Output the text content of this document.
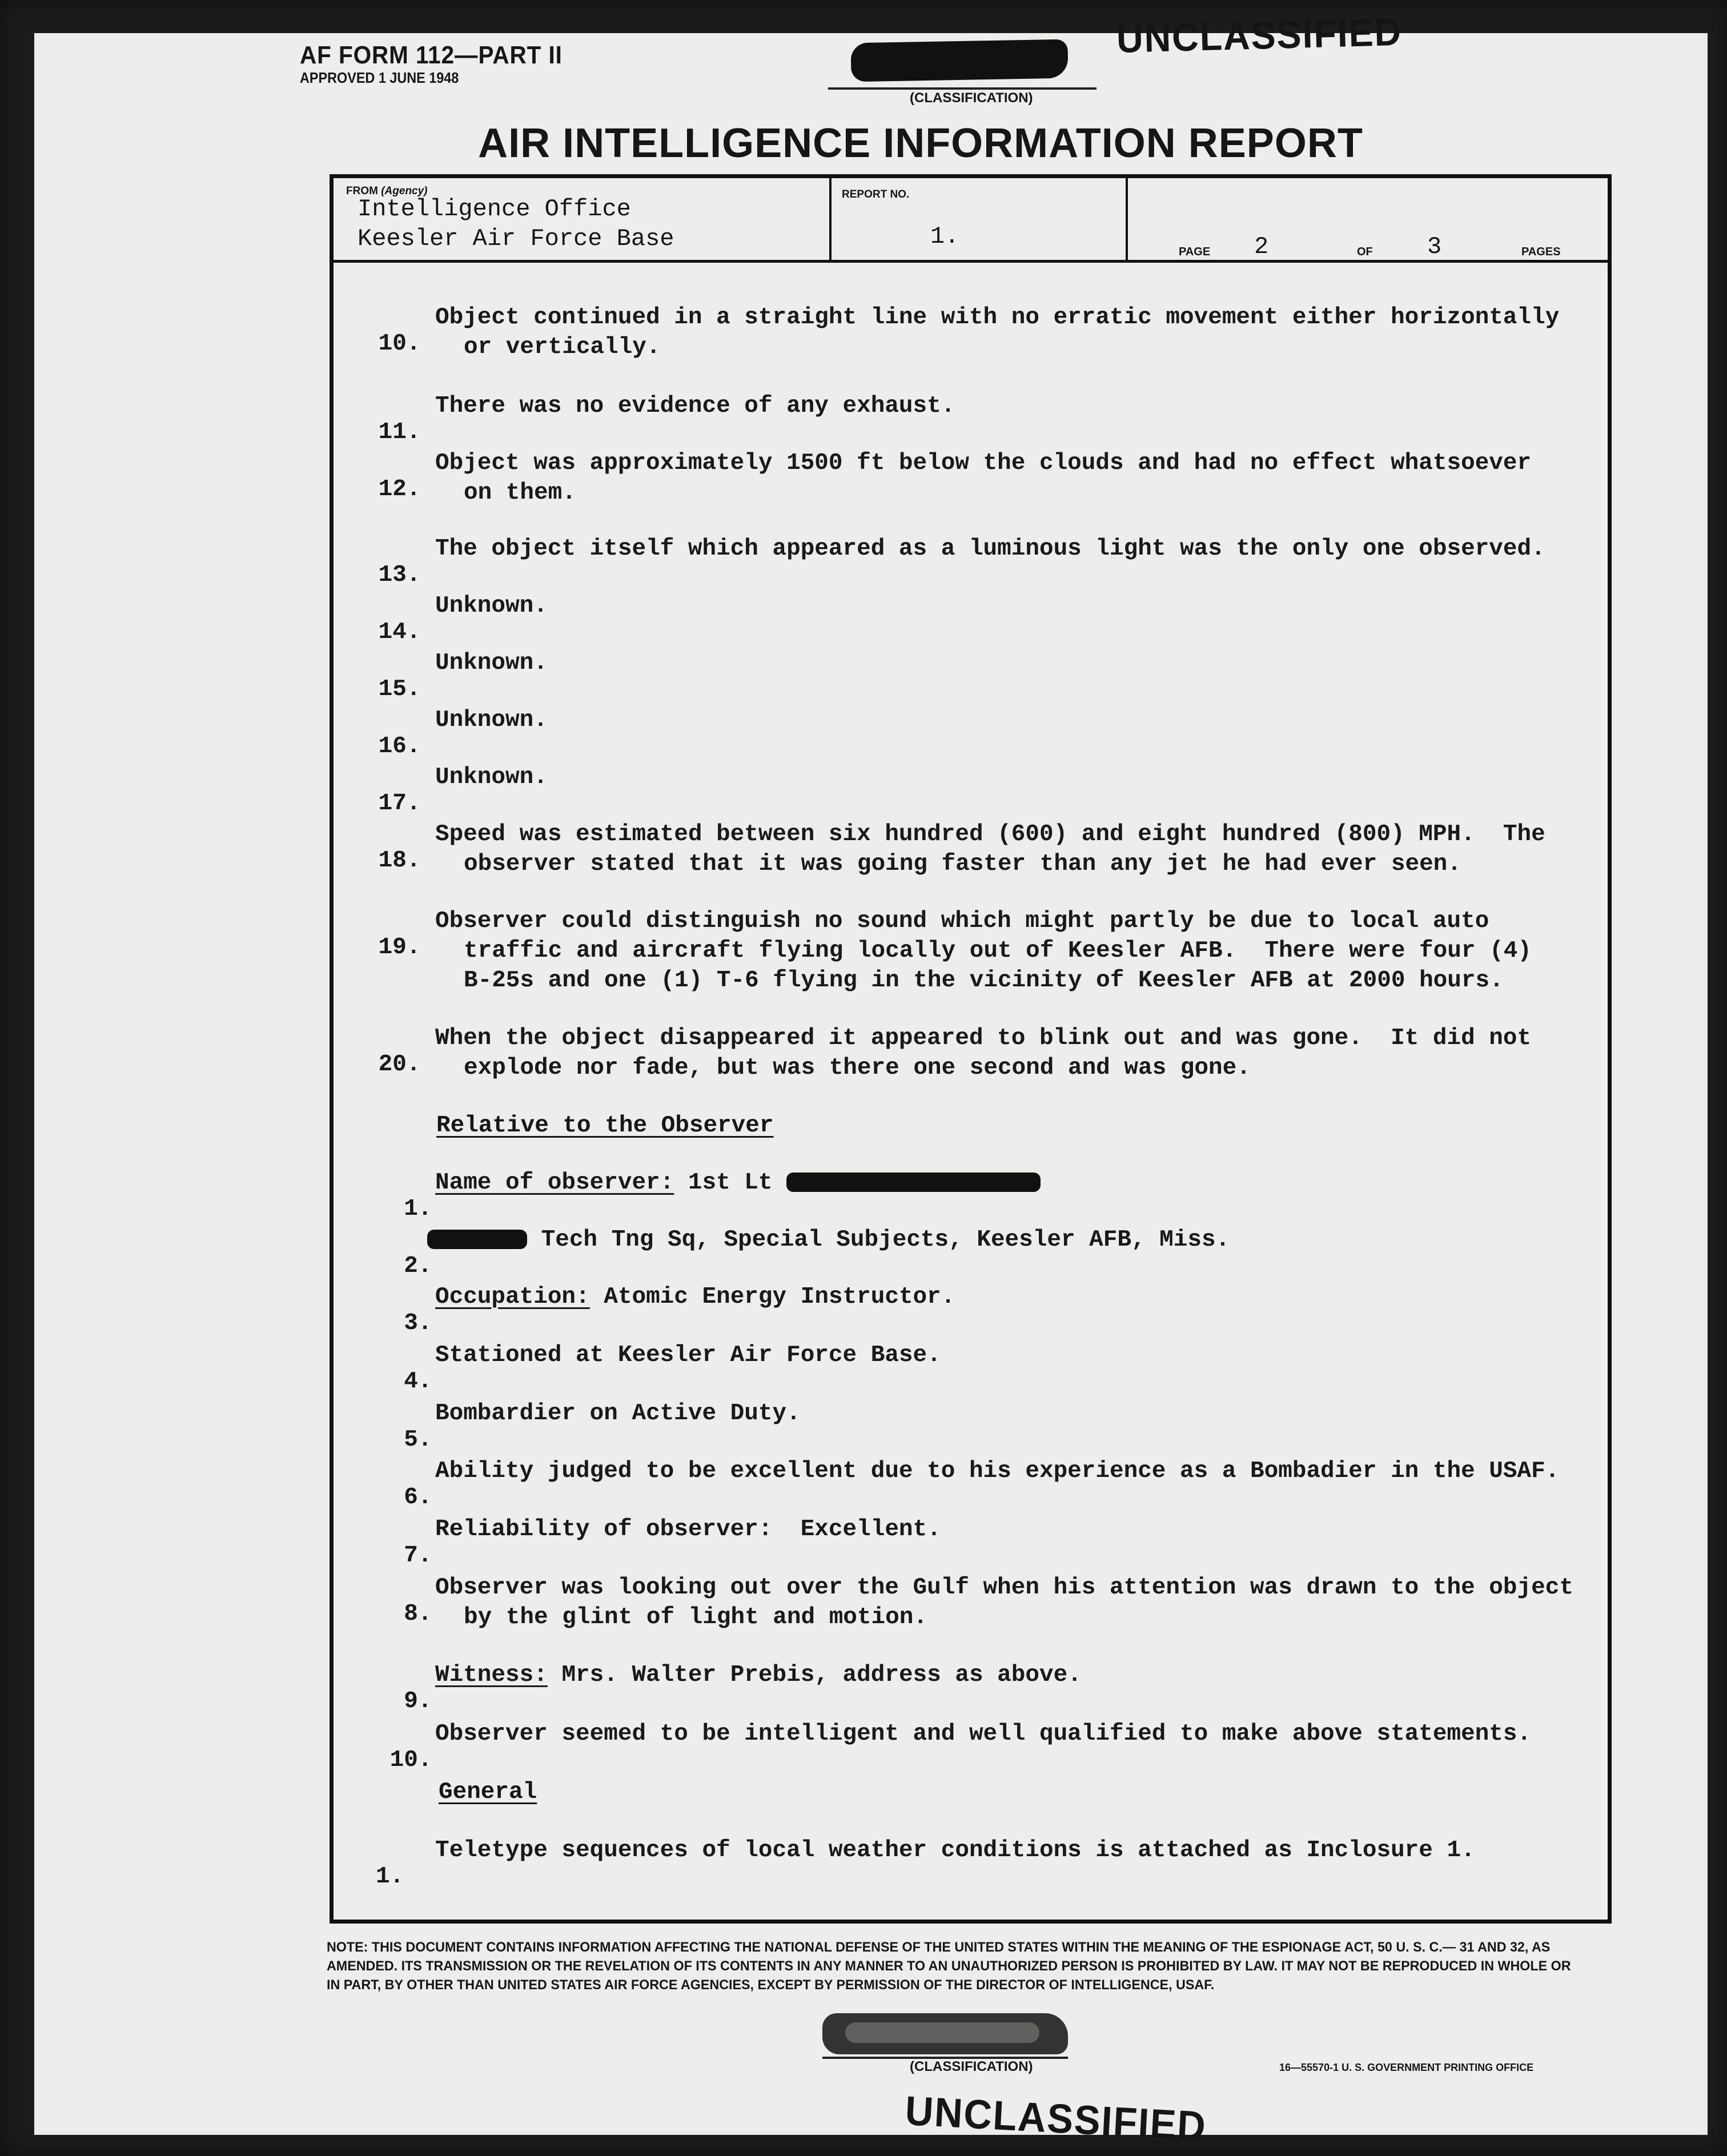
AF FORM 112—PART II
APPROVED 1 JUNE 1948
(CLASSIFICATION)
UNCLASSIFIED
AIR INTELLIGENCE INFORMATION REPORT
FROM (Agency)
Intelligence Office
Keesler Air Force Base
REPORT NO.
1.
PAGE 2	OF 3	PAGES

10.

Object continued in a straight line with no erratic movement either horizontally

or vertically.

11.

There was no evidence of any exhaust.

12.

Object was approximately 1500 ft below the clouds and had no effect whatsoever

on them.

13.

The object itself which appeared as a luminous light was the only one observed.

14.

Unknown.

15.

Unknown.

16.

Unknown.

17.

Unknown.

18.

Speed was estimated between six hundred (600) and eight hundred (800) MPH.  The

observer stated that it was going faster than any jet he had ever seen.

19.

Observer could distinguish no sound which might partly be due to local auto

traffic and aircraft flying locally out of Keesler AFB.  There were four (4)

B-25s and one (1) T-6 flying in the vicinity of Keesler AFB at 2000 hours.

20.

When the object disappeared it appeared to blink out and was gone.  It did not

explode nor fade, but was there one second and was gone.

Relative to the Observer

1.

Name of observer: 1st Lt

2.

Tech Tng Sq, Special Subjects, Keesler AFB, Miss.

3.

Occupation: Atomic Energy Instructor.

4.

Stationed at Keesler Air Force Base.

5.

Bombardier on Active Duty.

6.

Ability judged to be excellent due to his experience as a Bombadier in the USAF.

7.

Reliability of observer:  Excellent.

8.

Observer was looking out over the Gulf when his attention was drawn to the object

by the glint of light and motion.

9.

Witness: Mrs. Walter Prebis, address as above.

10.

Observer seemed to be intelligent and well qualified to make above statements.

General

1.

Teletype sequences of local weather conditions is attached as Inclosure 1.

NOTE: THIS DOCUMENT CONTAINS INFORMATION AFFECTING THE NATIONAL DEFENSE OF THE UNITED STATES WITHIN THE MEANING OF THE ESPIONAGE ACT, 50 U. S. C.— 31 AND 32, AS AMENDED. ITS TRANSMISSION OR THE REVELATION OF ITS CONTENTS IN ANY MANNER TO AN UNAUTHORIZED PERSON IS PROHIBITED BY LAW. IT MAY NOT BE REPRODUCED IN WHOLE OR IN PART, BY OTHER THAN UNITED STATES AIR FORCE AGENCIES, EXCEPT BY PERMISSION OF THE DIRECTOR OF INTELLIGENCE, USAF.
(CLASSIFICATION)	16—55570-1 U. S. GOVERNMENT PRINTING OFFICE
UNCLASSIFIED
